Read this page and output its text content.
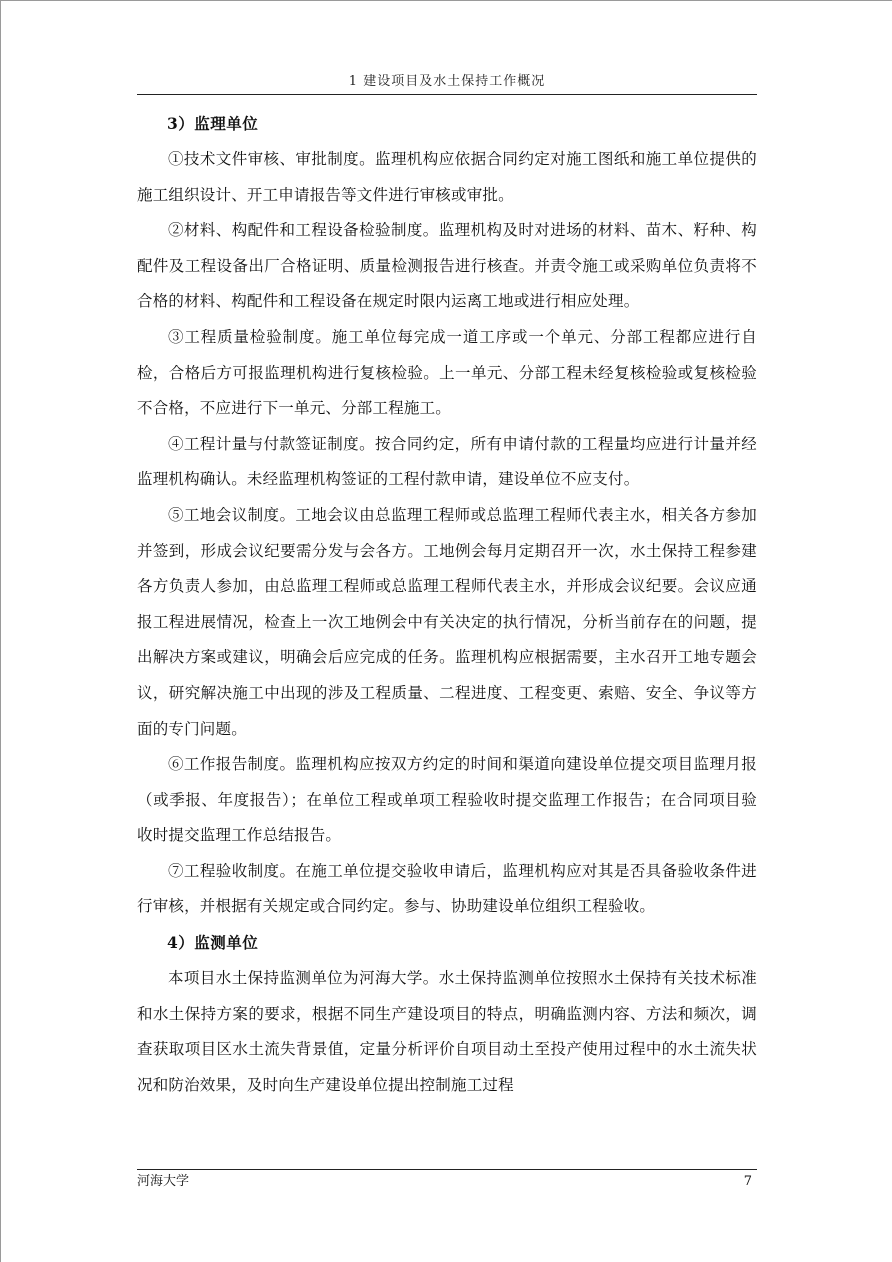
1 建设项目及水土保持工作概况

3）监理单位

①技术文件审核、审批制度。监理机构应依据合同约定对施工图纸和施工单位提供的施工组织设计、开工申请报告等文件进行审核或审批。

②材料、构配件和工程设备检验制度。监理机构及时对进场的材料、苗木、籽种、构配件及工程设备出厂合格证明、质量检测报告进行核查。并责令施工或采购单位负责将不合格的材料、构配件和工程设备在规定时限内运离工地或进行相应处理。

③工程质量检验制度。施工单位每完成一道工序或一个单元、分部工程都应进行自检，合格后方可报监理机构进行复核检验。上一单元、分部工程未经复核检验或复核检验不合格，不应进行下一单元、分部工程施工。

④工程计量与付款签证制度。按合同约定，所有申请付款的工程量均应进行计量并经监理机构确认。未经监理机构签证的工程付款申请，建设单位不应支付。

⑤工地会议制度。工地会议由总监理工程师或总监理工程师代表主水，相关各方参加并签到，形成会议纪要需分发与会各方。工地例会每月定期召开一次，水土保持工程参建各方负责人参加，由总监理工程师或总监理工程师代表主水，并形成会议纪要。会议应通报工程进展情况，检查上一次工地例会中有关决定的执行情况，分析当前存在的问题，提出解决方案或建议，明确会后应完成的任务。监理机构应根据需要，主水召开工地专题会议，研究解决施工中出现的涉及工程质量、二程进度、工程变更、索赔、安全、争议等方面的专门问题。

⑥工作报告制度。监理机构应按双方约定的时间和渠道向建设单位提交项目监理月报（或季报、年度报告）；在单位工程或单项工程验收时提交监理工作报告；在合同项目验收时提交监理工作总结报告。

⑦工程验收制度。在施工单位提交验收申请后，监理机构应对其是否具备验收条件进行审核，并根据有关规定或合同约定。参与、协助建设单位组织工程验收。

4）监测单位

本项目水土保持监测单位为河海大学。水土保持监测单位按照水土保持有关技术标准和水土保持方案的要求，根据不同生产建设项目的特点，明确监测内容、方法和频次，调查获取项目区水土流失背景值，定量分析评价自项目动土至投产使用过程中的水土流失状况和防治效果，及时向生产建设单位提出控制施工过程

河海大学	7
